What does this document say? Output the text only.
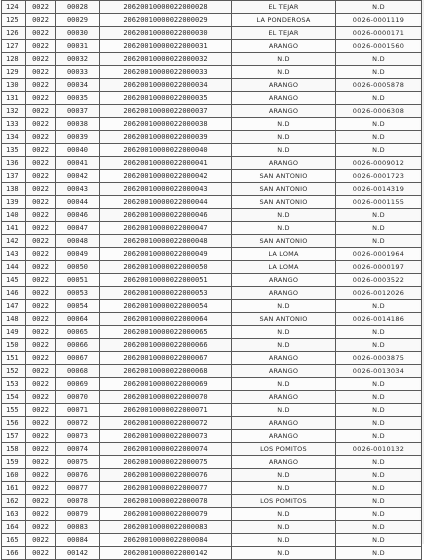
124	0022	00028	20620010000022000028	EL TEJAR	N.D
125	0022	00029	20620010000022000029	LA PONDEROSA	0026-0001119
126	0022	00030	20620010000022000030	EL TEJAR	0026-0000171
127	0022	00031	20620010000022000031	ARANGO	0026-0001560
128	0022	00032	20620010000022000032	N.D	N.D
129	0022	00033	20620010000022000033	N.D	N.D
130	0022	00034	20620010000022000034	ARANGO	0026-0005878
131	0022	00035	20620010000022000035	ARANGO	N.D
132	0022	00037	20620010000022000037	ARANGO	0026-0006308
133	0022	00038	20620010000022000038	N.D	N.D
134	0022	00039	20620010000022000039	N.D	N.D
135	0022	00040	20620010000022000040	N.D	N.D
136	0022	00041	20620010000022000041	ARANGO	0026-0009012
137	0022	00042	20620010000022000042	SAN ANTONIO	0026-0001723
138	0022	00043	20620010000022000043	SAN ANTONIO	0026-0014319
139	0022	00044	20620010000022000044	SAN ANTONIO	0026-0001155
140	0022	00046	20620010000022000046	N.D	N.D
141	0022	00047	20620010000022000047	N.D	N.D
142	0022	00048	20620010000022000048	SAN ANTONIO	N.D
143	0022	00049	20620010000022000049	LA LOMA	0026-0001964
144	0022	00050	20620010000022000050	LA LOMA	0026-0000197
145	0022	00051	20620010000022000051	ARANGO	0026-0003522
146	0022	00053	20620010000022000053	ARANGO	0026-0012026
147	0022	00054	20620010000022000054	N.D	N.D
148	0022	00064	20620010000022000064	SAN ANTONIO	0026-0014186
149	0022	00065	20620010000022000065	N.D	N.D
150	0022	00066	20620010000022000066	N.D	N.D
151	0022	00067	20620010000022000067	ARANGO	0026-0003875
152	0022	00068	20620010000022000068	ARANGO	0026-0013034
153	0022	00069	20620010000022000069	N.D	N.D
154	0022	00070	20620010000022000070	ARANGO	N.D
155	0022	00071	20620010000022000071	N.D	N.D
156	0022	00072	20620010000022000072	ARANGO	N.D
157	0022	00073	20620010000022000073	ARANGO	N.D
158	0022	00074	20620010000022000074	LOS POMITOS	0026-0010132
159	0022	00075	20620010000022000075	ARANGO	N.D
160	0022	00076	20620010000022000076	N.D	N.D
161	0022	00077	20620010000022000077	N.D	N.D
162	0022	00078	20620010000022000078	LOS POMITOS	N.D
163	0022	00079	20620010000022000079	N.D	N.D
164	0022	00083	20620010000022000083	N.D	N.D
165	0022	00084	20620010000022000084	N.D	N.D
166	0022	00142	20620010000022000142	N.D	N.D
